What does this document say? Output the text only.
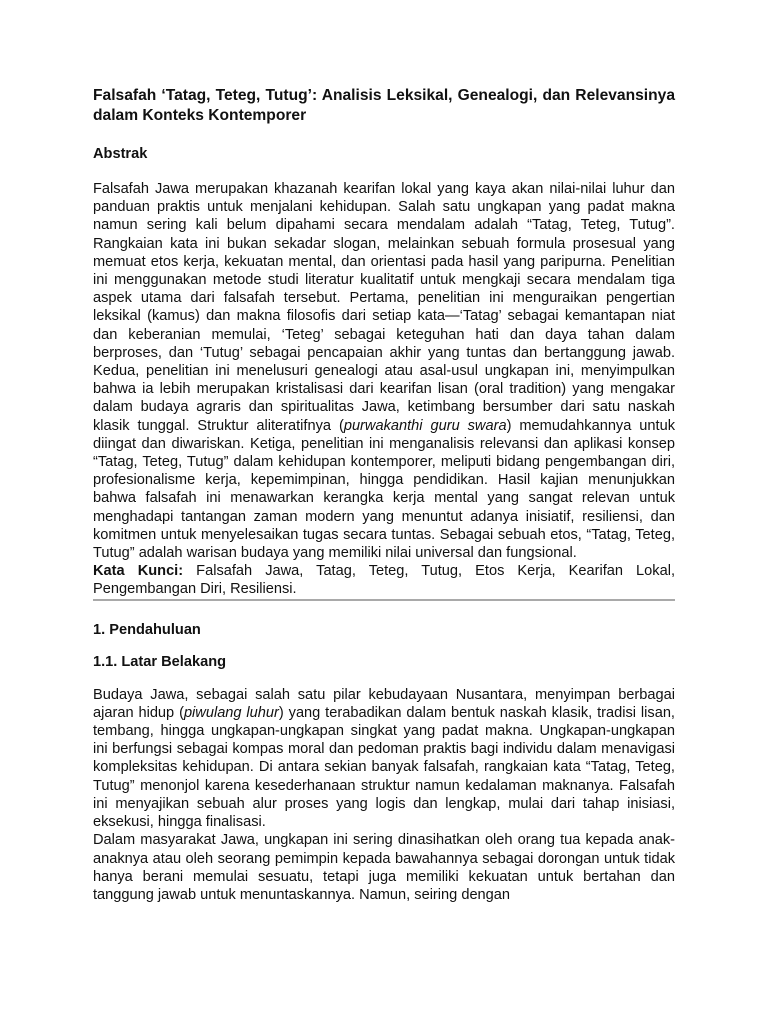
Falsafah ‘Tatag, Teteg, Tutug’: Analisis Leksikal, Genealogi, dan Relevansinya dalam Konteks Kontemporer
Abstrak

Falsafah Jawa merupakan khazanah kearifan lokal yang kaya akan nilai-nilai luhur dan panduan praktis untuk menjalani kehidupan. Salah satu ungkapan yang padat makna namun sering kali belum dipahami secara mendalam adalah “Tatag, Teteg, Tutug”. Rangkaian kata ini bukan sekadar slogan, melainkan sebuah formula prosesual yang memuat etos kerja, kekuatan mental, dan orientasi pada hasil yang paripurna. Penelitian ini menggunakan metode studi literatur kualitatif untuk mengkaji secara mendalam tiga aspek utama dari falsafah tersebut. Pertama, penelitian ini menguraikan pengertian leksikal (kamus) dan makna filosofis dari setiap kata—‘Tatag’ sebagai kemantapan niat dan keberanian memulai, ‘Teteg’ sebagai keteguhan hati dan daya tahan dalam berproses, dan ‘Tutug’ sebagai pencapaian akhir yang tuntas dan bertanggung jawab. Kedua, penelitian ini menelusuri genealogi atau asal-usul ungkapan ini, menyimpulkan bahwa ia lebih merupakan kristalisasi dari kearifan lisan (oral tradition) yang mengakar dalam budaya agraris dan spiritualitas Jawa, ketimbang bersumber dari satu naskah klasik tunggal. Struktur aliteratifnya (purwakanthi guru swara) memudahkannya untuk diingat dan diwariskan. Ketiga, penelitian ini menganalisis relevansi dan aplikasi konsep “Tatag, Teteg, Tutug” dalam kehidupan kontemporer, meliputi bidang pengembangan diri, profesionalisme kerja, kepemimpinan, hingga pendidikan. Hasil kajian menunjukkan bahwa falsafah ini menawarkan kerangka kerja mental yang sangat relevan untuk menghadapi tantangan zaman modern yang menuntut adanya inisiatif, resiliensi, dan komitmen untuk menyelesaikan tugas secara tuntas. Sebagai sebuah etos, “Tatag, Teteg, Tutug” adalah warisan budaya yang memiliki nilai universal dan fungsional.

Kata Kunci: Falsafah Jawa, Tatag, Teteg, Tutug, Etos Kerja, Kearifan Lokal, Pengembangan Diri, Resiliensi.

1. Pendahuluan
1.1. Latar Belakang

Budaya Jawa, sebagai salah satu pilar kebudayaan Nusantara, menyimpan berbagai ajaran hidup (piwulang luhur) yang terabadikan dalam bentuk naskah klasik, tradisi lisan, tembang, hingga ungkapan-ungkapan singkat yang padat makna. Ungkapan-ungkapan ini berfungsi sebagai kompas moral dan pedoman praktis bagi individu dalam menavigasi kompleksitas kehidupan. Di antara sekian banyak falsafah, rangkaian kata “Tatag, Teteg, Tutug” menonjol karena kesederhanaan struktur namun kedalaman maknanya. Falsafah ini menyajikan sebuah alur proses yang logis dan lengkap, mulai dari tahap inisiasi, eksekusi, hingga finalisasi.

Dalam masyarakat Jawa, ungkapan ini sering dinasihatkan oleh orang tua kepada anak-anaknya atau oleh seorang pemimpin kepada bawahannya sebagai dorongan untuk tidak hanya berani memulai sesuatu, tetapi juga memiliki kekuatan untuk bertahan dan tanggung jawab untuk menuntaskannya. Namun, seiring dengan
